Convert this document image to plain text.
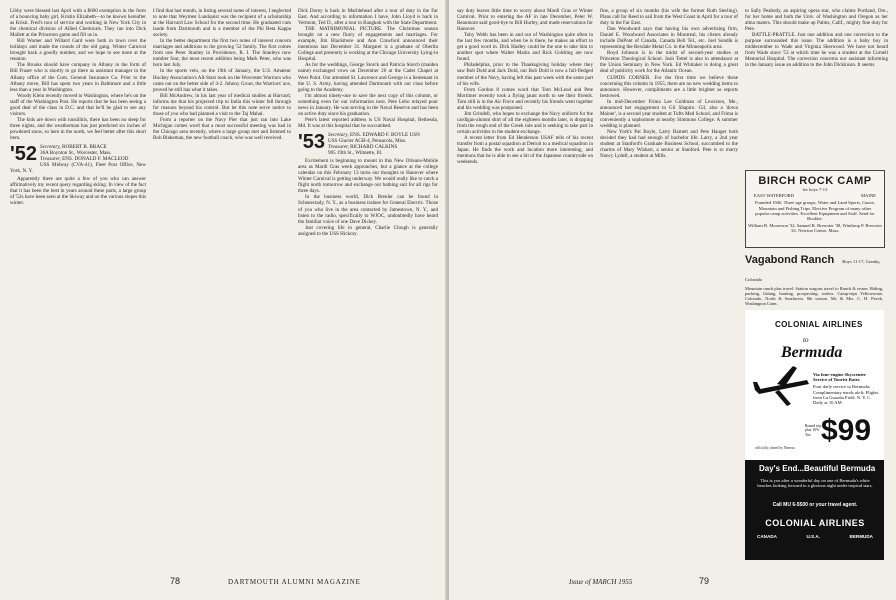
Libby were blessed last April with a $600 exemption in the form of a bouncing baby girl, Kristin Elizabeth—to be known hereafter as Kristi. Fred's tour of service and working in New York City in the chemical division of Allied Chemicals. They ran into Dick Mallett at the Princeton game and fill us in.

Bill Warner and Willard Gard were both in town over the holidays and made the rounds of the old gang. Winter Carnival brought back a goodly number, and we hope to see more at the reunion.

The Brooks should have company in Albany in the form of Bill Fraser who is shortly to go there as assistant manager in the Albany office of the Com. General Insurance Co. Prior to the Albany move, Bill has spent two years in Baltimore and a little less than a year in Washington.

Woody Klein recently moved to Washington, where he's on the staff of the Washington Post. He reports that he has been seeing a good deal of the class in D.C. and that he'll be glad to see any visitors.

The kids are down with tonsillitis, there has been no sleep for three nights, and the weatherman has just predicted six inches of powdered snow, so here in the north, we feel better after this short item.

'52 Secretary, ROBERT R. BRACE
36A Boynton St., Worcester, Mass.
Treasurer, ENS. DONALD F. MACLEOD
USS Midway (CVA-41), Fleet Post Office, New York, N. Y.

Apparently there are quite a few of you who can answer affirmatively my recent query regarding skiing. In view of the fact that it has been the best in years around these parts, a large group of '52s have been seen at the Skiway and on the various slopes this winter.

I find that last month, in listing several notes of interest, I neglected to note that Weymen Lundquist was the recipient of a scholarship at the Harvard Law School for the second time. He graduated cum laude from Dartmouth and is a member of the Phi Beta Kappa society.

In the better department the first two notes of interest concern marriages and additions to the growing '52 family. The first comes from one Peter Stanley in Providence, R. I. The Stanleys now number four, the most recent addition being Mark Peter, who was born last July.

In the sports vein, on the 19th of January, the U.S. Amateur Hockey Association's All-Stars took on the Worcester Warriors who came out on the better side of 4-2. Johnny Grout, the Warriors' ace, proved he still has what it takes.

Bill McAndrew, in his last year of medical studies at Harvard, informs me that his projected trip to India this winter fell through for reasons beyond his control. But let this note serve notice to those of you who had planned a visit to the Taj Mahal.

From a reporter on the Navy Pier that just ran into Lake Michigan comes word that a most successful meeting was had in the Chicago area recently, where a large group met and listened to Bob Blakeman, the new football coach, who was well received.

Dick Dorey is back in Marblehead after a tour of duty in the Far East. And according to information I have, John Lloyd is back in Vermont, Ted D., after a tour in Bangkok with the State Department.

THE MATRIMONIAL PICTURE. The Christmas season brought on a new flurry of engagements and marriages. For example, Jim Blackmore and Ann Crawford announced their intentions last December 31. Margaret is a graduate of Oberlin College and presently is working at the Chicago University Lying-in Hospital.

As for the weddings, George Storck and Patricia Storch (maiden name) exchanged vows on December 26 at the Cadet Chapel at West Point. Our attended St. Lawrence and George is a lieutenant in the U. S. Army, having attended Dartmouth with our class before going to the Academy.

I'm almost ninety-one to save the next copy of this column, or something even for our information next. Pete Lebo relayed poor news in January. He was serving in the Naval Reserve and has been on active duty since his graduation.

Pete's latest reported address is US Naval Hospital, Bethesda, Md. It was at this hospital that he succumbed.

'53 Secretary, ENS. EDWARD F. BOYLE USN
USS Glacier AGB-4, Pensacola, Miss.
Treasurer, RICHARD CALKINS
905 19th St., Wilmette, Ill.

Excitement is beginning to mount in this New Orleans-Mobile area as Mardi Gras week approaches, but a glance at the college calendar on this February 13 turns our thoughts to Hanover where Winter Carnival is getting underway. We would really like to catch a flight north tomorrow and exchange our bathing suit for all rigs for three days.

In the business world, Dick Brenler can be found in Schenectady, N. Y., as a business trainee for General Electric. Those of you who live in the area contacted by Jamestown, N. Y., and listen to the radio, specifically to WJOC, undoubtedly have heard the familiar voice of one Dave Dickey.

Just covering life in general, Charlie Clough is generally assigned to the USS Hickory.

78	DARTMOUTH ALUMNI MAGAZINE

say duty leaves little time to worry about Mardi Gras or Winter Carnival. Prior to entering the AF in late December, Peter W. Beaumont said good-bye to Bill Hurley, and made reservations for Hanover.

Toby Webb has been in and out of Washington quite often in the last few months, and when he is there, he makes an effort to get a good word in. Dick Hadley could be the one to take him to another spot where Walter Marks and Rick Goldring are now found.

Philadelphia, prior to the Thanksgiving holiday where they saw Bob Dold and Jack Dold, our Bob Dold is now a full-fledged member of the Navy, having left this past week with the same part of his wife.

From Gordon 8 comes word that Tom McLeod and Pete Mortimer recently took a flying jaunt north to see their friends. Tom still is in the Air Force and recently his friends went together and his wedding was postponed.

Jim Grindell, who hopes to exchange the Navy uniform for the cardigan-alumni shirt of all the eighteen months later, is dropping from the rough end of the Greek rule and is seeking to take part in certain activities in the student exchange.

A recent letter from Ed Henderson USAF tells of his recent transfer from a postal squadron at Detroit to a medical squadron in Japan. He finds the work and location more interesting, and mentions that he is able to see a bit of the Japanese countryside on weekends.

fine, a group of six months (his wife the former Ruth Sterling). Plans call for Reed to sail from the West Coast in April for a tour of duty in the Far East.

Dan Woodward says that having his own advertising firm, Daniel E. Woodward Associates in Montreal, his clients already include DuPont of Canada, Canada Bell Tel., etc. Joel Sondik is representing the Rexdale Metal Co. in the Minneapolis area.

Boyd Johnson is in the midst of second-year studies at Princeton Theological School. Josh Tottel is also in attendance at the Union Seminary in New York. Ed Whitaker is doing a great deal of publicity work for the Atlantic Ocean.

CUPIDS CORNER. For the first time we believe these concerning this column in 1955, there are no new wedding items to announce. However, compliments are a little brighter as reports bestowed.

In mid-December Frima Lee Goldman of Lewiston, Me., announced her engagement to Gil Shapiro. Gil, also a 'down Mainer', is a second year student at Tufts Med School, and Frima is conveniently a sophomore at nearby Simmons College. A summer wedding is planned.

New York's Pat Boyle, Larry Barnett and Pete Hauger both decided they had had enough of bachelor life. Larry, a 2nd year student at Stanford's Graduate Business School, succumbed to the charms of Mary Wishart, a senior at Stanford. Pete is to marry Nancy Lydell, a student at Mills.

to Sally Peabody, an aspiring opera star, who claims Portland, Ore., for her home and both the Univ. of Washington and Oregon as her alma maters. This should make up Palms, Calif., mighty fine duty for Pete.

BATTLE-PRATTLE. Just one addition and one correction to the purpose surrounded this issue. The addition is a baby boy in middecember to Wade and Virginia Sherwood. We have not heard from Wade since '53 at which time he was a student at the Cornell Memorial Hospital. The correction concerns our assistant informing in the January issue an addition to the John Dickinson. It seems

BIRCH ROCK CAMP
for boys 7-13
EAST WATERFORD	MAINE
Founded 1946. Three age groups. Water and Land Sports, Canoe, Mountain and Fishing Trips. Elective Program of many other popular camp activities. Excellent Equipment and Staff. Send for Booklet.
William B. Moxerson '32, Samuel R. Brewster '38, Winthrop P. Brewster '41, Newton Centre, Mass.
Vagabond Ranch Boys 11-17, Granby, Colorado
Mountain ranch plus travel. Station wagons travel to Ranch & return. Riding, packing, fishing, hunting, prospecting, rodeos. Camp-trips Yellowstone, Colorado, North & Southwest. 8th season. Mr. & Mrs. C. H. Pavek, Washington Conn.
COLONIAL AIRLINES
to
Bermuda
Via four-engine Skyscenter Service of Tourist Rates
Four daily service to Bermuda; Complimentary meals aloft; Flights from La Guardia Field, N. Y. C. Daily at 10 AM
Round trip plus 10% Tax $99
officially timed by Benrus
Day's End...Beautiful Bermuda
This is you after a wonderful day on one of Bermuda's white beaches looking forward to a glorious night under tropical stars.
Call MU 6-5500 or your travel agent.
COLONIAL AIRLINES
CANADA	U.S.A.	BERMUDA
Issue of MARCH 1955	79
